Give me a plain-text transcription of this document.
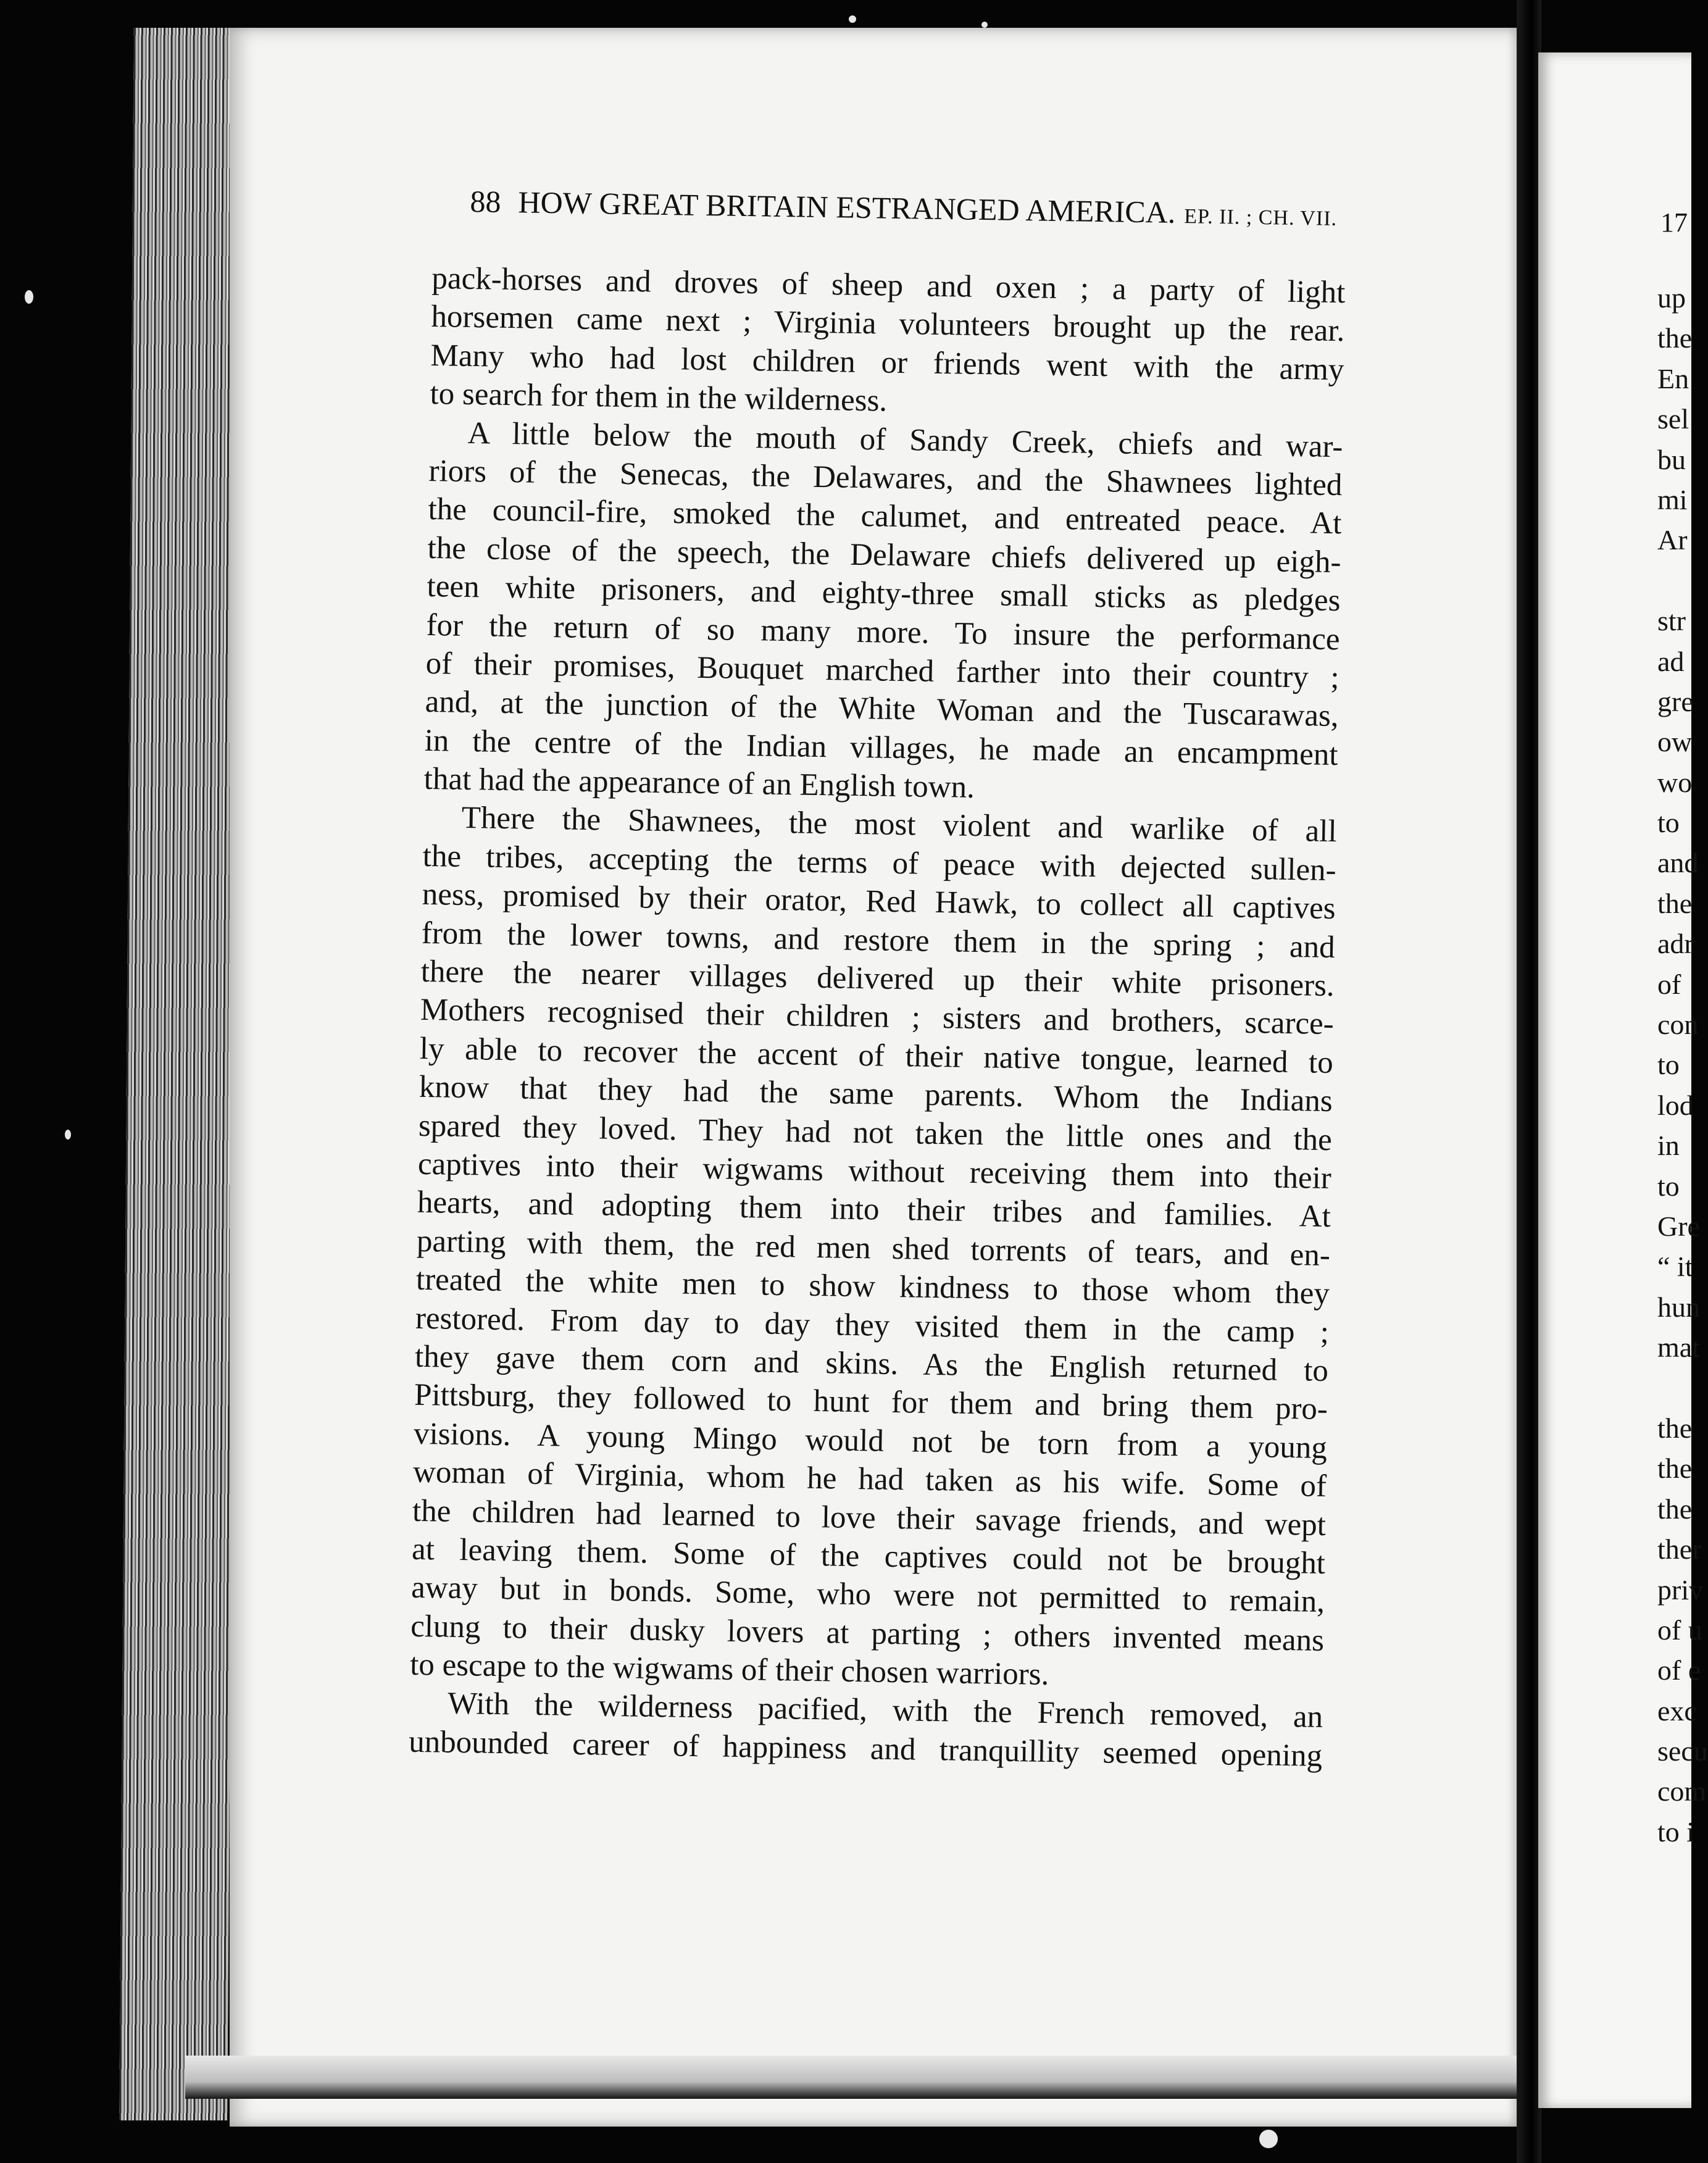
88 HOW GREAT BRITAIN ESTRANGED AMERICA. EP. II. ; CH. VII.
pack-horses and droves of sheep and oxen ; a party of light
horsemen came next ; Virginia volunteers brought up the rear.
Many who had lost children or friends went with the army
to search for them in the wilderness.
A little below the mouth of Sandy Creek, chiefs and war-
riors of the Senecas, the Delawares, and the Shawnees lighted
the council-fire, smoked the calumet, and entreated peace. At
the close of the speech, the Delaware chiefs delivered up eigh-
teen white prisoners, and eighty-three small sticks as pledges
for the return of so many more. To insure the performance
of their promises, Bouquet marched farther into their country ;
and, at the junction of the White Woman and the Tuscarawas,
in the centre of the Indian villages, he made an encampment
that had the appearance of an English town.
There the Shawnees, the most violent and warlike of all
the tribes, accepting the terms of peace with dejected sullen-
ness, promised by their orator, Red Hawk, to collect all captives
from the lower towns, and restore them in the spring ; and
there the nearer villages delivered up their white prisoners.
Mothers recognised their children ; sisters and brothers, scarce-
ly able to recover the accent of their native tongue, learned to
know that they had the same parents. Whom the Indians
spared they loved. They had not taken the little ones and the
captives into their wigwams without receiving them into their
hearts, and adopting them into their tribes and families. At
parting with them, the red men shed torrents of tears, and en-
treated the white men to show kindness to those whom they
restored. From day to day they visited them in the camp ;
they gave them corn and skins. As the English returned to
Pittsburg, they followed to hunt for them and bring them pro-
visions. A young Mingo would not be torn from a young
woman of Virginia, whom he had taken as his wife. Some of
the children had learned to love their savage friends, and wept
at leaving them. Some of the captives could not be brought
away but in bonds. Some, who were not permitted to remain,
clung to their dusky lovers at parting ; others invented means
to escape to the wigwams of their chosen warriors.
With the wilderness pacified, with the French removed, an
unbounded career of happiness and tranquillity seemed opening
17
up
the
En
sel
bu
mi
Ar
str
ad
gre
ow
wo
to
and
the
adr
of
con
to
lod
in
to
Gre
“ it
hun
mat
the
the
the
ther
priv
of u
of e
exc
secu
com
to i
